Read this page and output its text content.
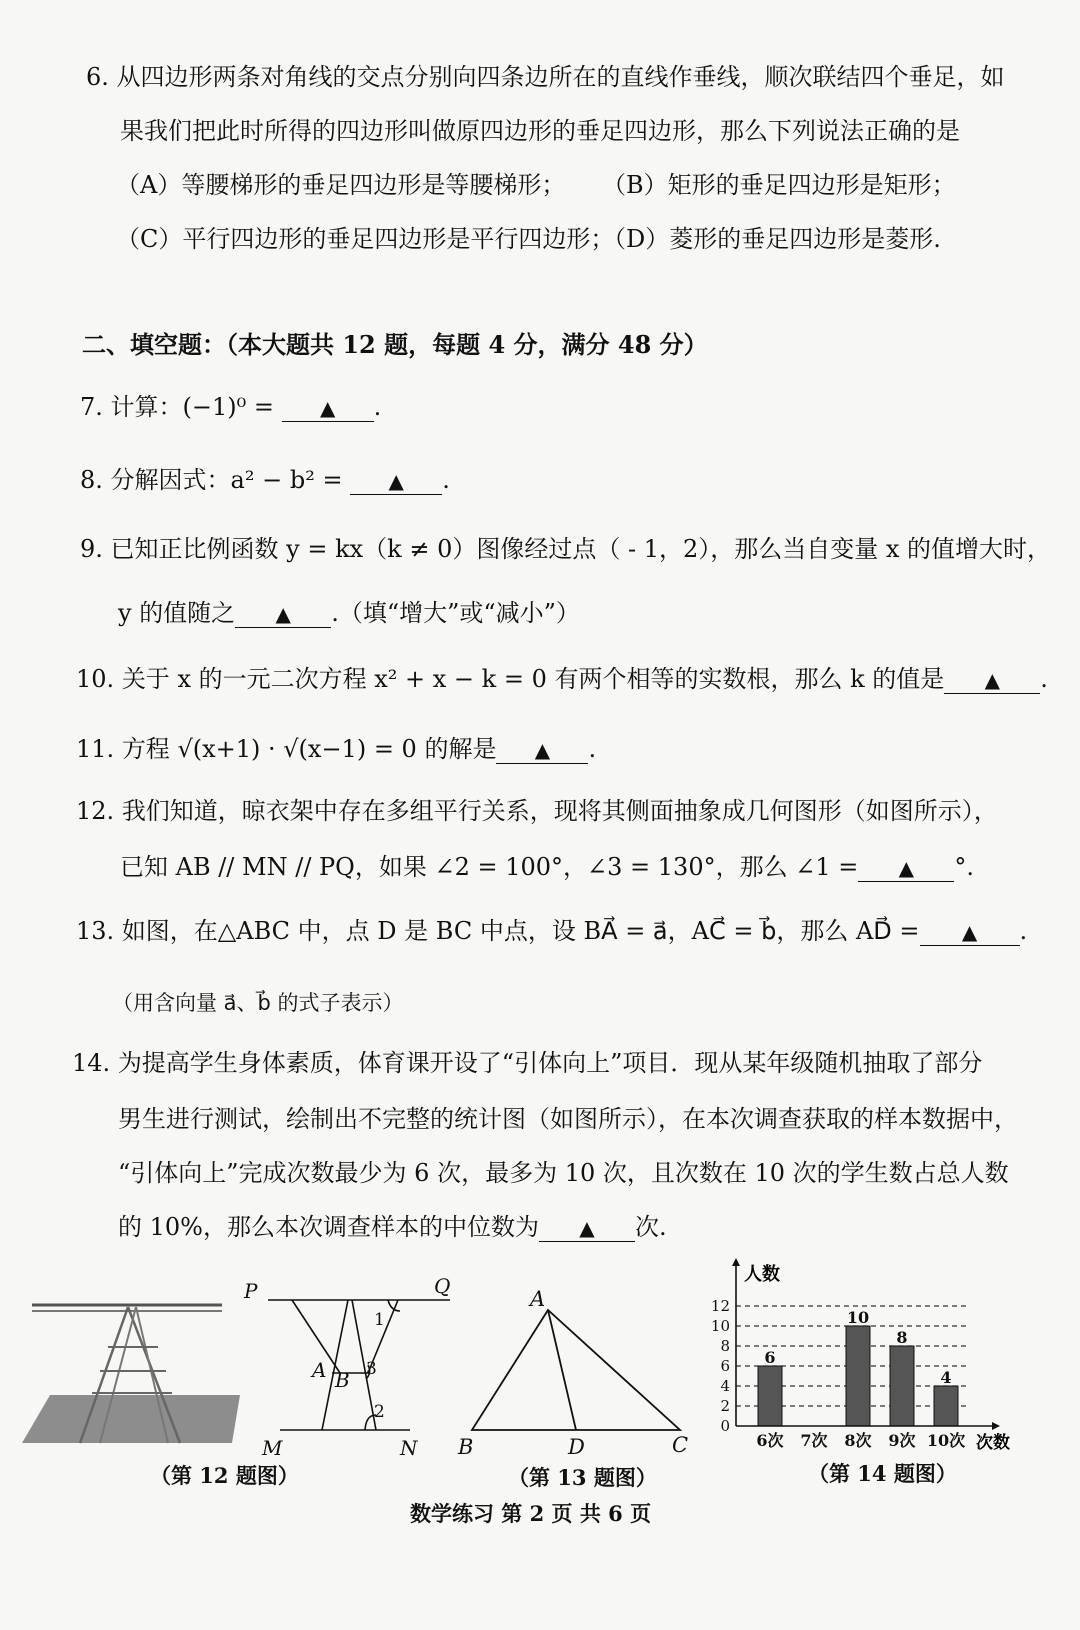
6. 从四边形两条对角线的交点分别向四条边所在的直线作垂线，顺次联结四个垂足，如
果我们把此时所得的四边形叫做原四边形的垂足四边形，那么下列说法正确的是
（A）等腰梯形的垂足四边形是等腰梯形； （B）矩形的垂足四边形是矩形；
（C）平行四边形的垂足四边形是平行四边形；
（D）菱形的垂足四边形是菱形.
二、填空题：（本大题共 12 题，每题 4 分，满分 48 分）
7. 计算：(−1)⁰ = ▲ .
8. 分解因式：a² − b² = ▲ .
9. 已知正比例函数 y = kx（k ≠ 0）图像经过点（ - 1，2），那么当自变量 x 的值增大时，
y 的值随之 ▲ .（填“增大”或“减小”）
10. 关于 x 的一元二次方程 x² + x − k = 0 有两个相等的实数根，那么 k 的值是 ▲ .
11. 方程 √(x+1) · √(x−1) = 0 的解是 ▲ .
12. 我们知道，晾衣架中存在多组平行关系，现将其侧面抽象成几何图形（如图所示），
已知 AB // MN // PQ，如果 ∠2 = 100°，∠3 = 130°，那么 ∠1 = ▲ °.
13. 如图，在△ABC 中，点 D 是 BC 中点，设 BA⃗ = a⃗，AC⃗ = b⃗，那么 AD⃗ = ▲ .
（用含向量 a⃗、b⃗ 的式子表示）
14. 为提高学生身体素质，体育课开设了“引体向上”项目．现从某年级随机抽取了部分
男生进行测试，绘制出不完整的统计图（如图所示），在本次调查获取的样本数据中，
“引体向上”完成次数最少为 6 次，最多为 10 次，且次数在 10 次的学生数占总人数
的 10%，那么本次调查样本的中位数为 ▲ 次.
P	Q
M	N
A B
1
2
3
（第 12 题图）
A
B	C
D
（第 13 题图）
0
2
4
6
8
10
12
6
6次 7次
10
8次
8
9次
4
10次
人数
次数
（第 14 题图）
数学练习 第 2 页 共 6 页
